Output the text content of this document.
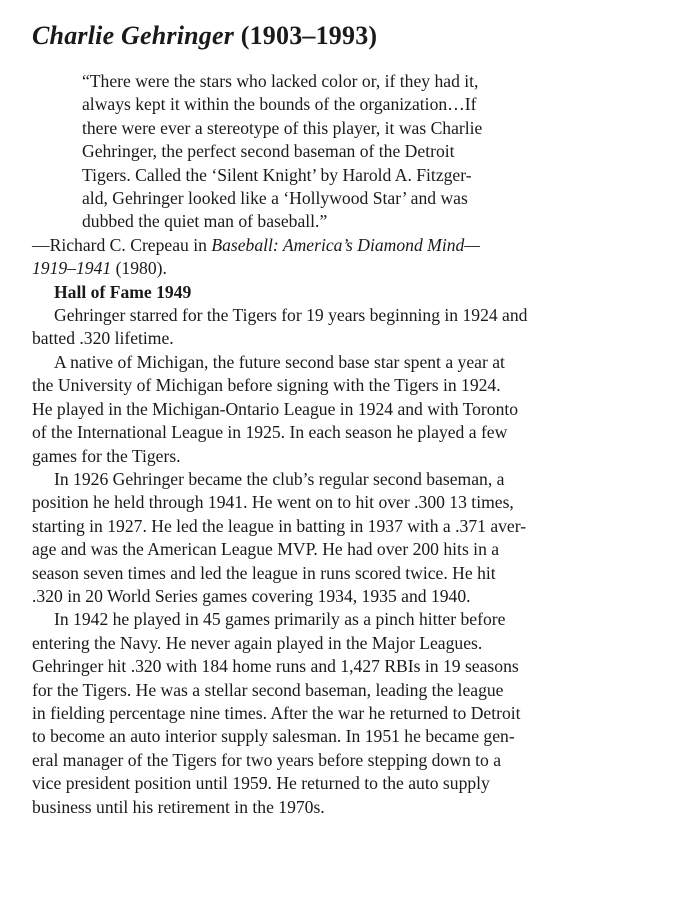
Charlie Gehringer (1903–1993)
“There were the stars who lacked color or, if they had it,
always kept it within the bounds of the organization…If
there were ever a stereotype of this player, it was Charlie
Gehringer, the perfect second baseman of the Detroit
Tigers. Called the ‘Silent Knight’ by Harold A. Fitzger-
ald, Gehringer looked like a ‘Hollywood Star’ and was
dubbed the quiet man of baseball.”

—Richard C. Crepeau in Baseball: America’s Diamond Mind—
1919–1941 (1980).

Hall of Fame 1949

Gehringer starred for the Tigers for 19 years beginning in 1924 and
batted .320 lifetime.

A native of Michigan, the future second base star spent a year at
the University of Michigan before signing with the Tigers in 1924.
He played in the Michigan-Ontario League in 1924 and with Toronto
of the International League in 1925. In each season he played a few
games for the Tigers.

In 1926 Gehringer became the club’s regular second baseman, a
position he held through 1941. He went on to hit over .300 13 times,
starting in 1927. He led the league in batting in 1937 with a .371 aver-
age and was the American League MVP. He had over 200 hits in a
season seven times and led the league in runs scored twice. He hit
.320 in 20 World Series games covering 1934, 1935 and 1940.

In 1942 he played in 45 games primarily as a pinch hitter before
entering the Navy. He never again played in the Major Leagues.
Gehringer hit .320 with 184 home runs and 1,427 RBIs in 19 seasons
for the Tigers. He was a stellar second baseman, leading the league
in fielding percentage nine times. After the war he returned to Detroit
to become an auto interior supply salesman. In 1951 he became gen-
eral manager of the Tigers for two years before stepping down to a
vice president position until 1959. He returned to the auto supply
business until his retirement in the 1970s.
